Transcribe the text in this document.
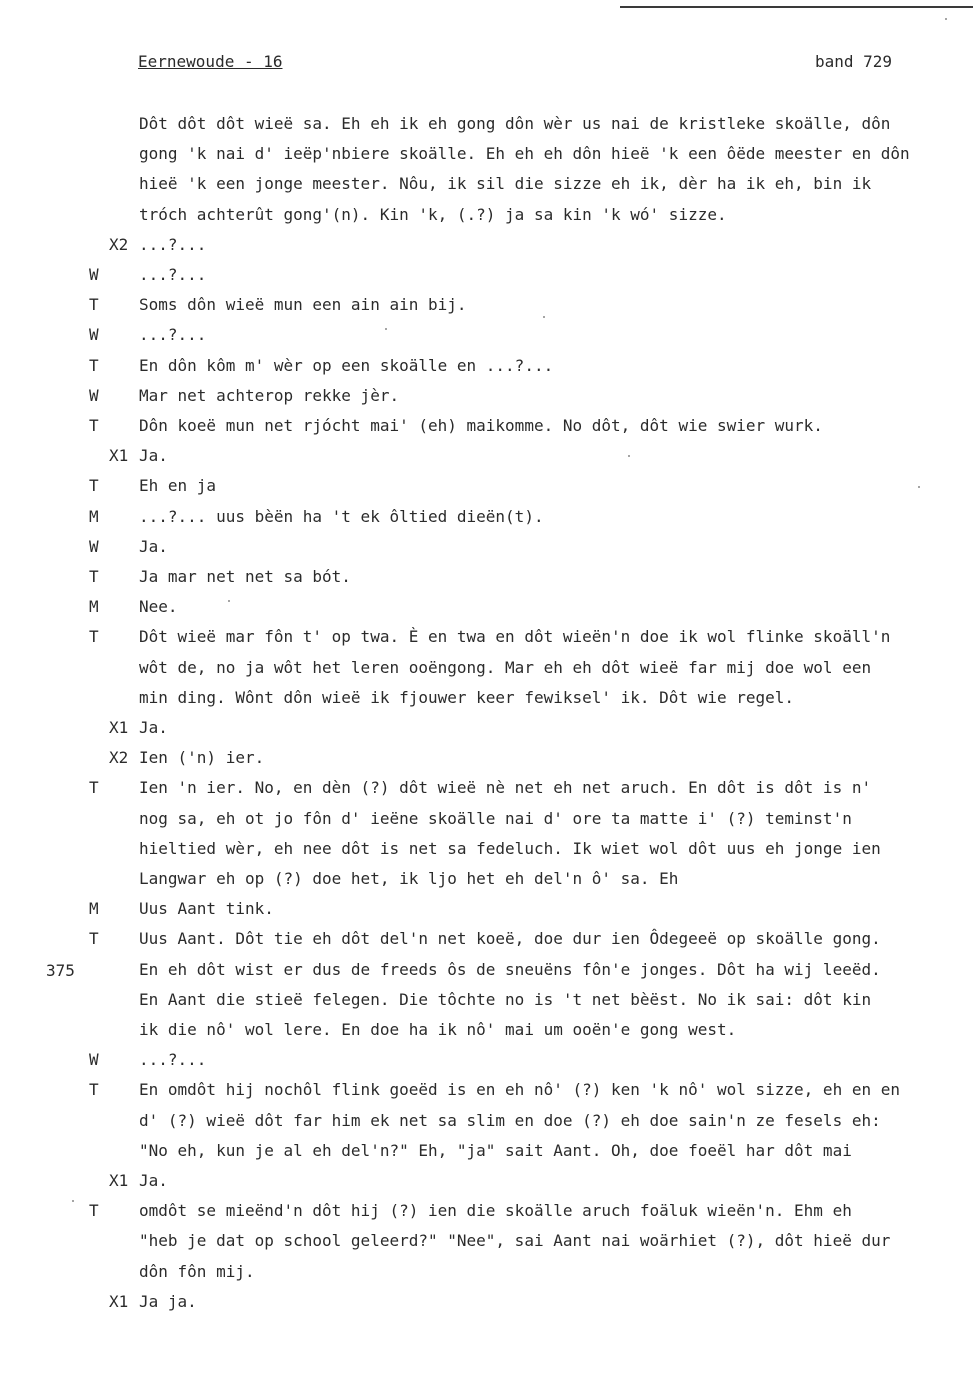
Eernewoude - 16	band 729
375
Dôt dôt dôt wieë sa. Eh eh ik eh gong dôn wèr us nai de kristleke skoälle, dôn
gong 'k nai d' ieëp'nbiere skoälle. Eh eh eh dôn hieë 'k een ôëde meester en dôn
hieë 'k een jonge meester. Nôu, ik sil die sizze eh ik, dèr ha ik eh, bin ik
tróch achterût gong'(n). Kin 'k, (.?) ja sa kin 'k wó' sizze.
X2 ...?...
W	...?...
T	Soms dôn wieë mun een ain ain bij.
W	...?...
T	En dôn kôm m' wèr op een skoälle en ...?...
W	Mar net achterop rekke jèr.
T	Dôn koeë mun net rjócht mai' (eh) maikomme. No dôt, dôt wie swier wurk.
X1 Ja.
T	Eh en ja
M	...?... uus bèën ha 't ek ôltied dieën(t).
W	Ja.
T	Ja mar net net sa bót.
M	Nee.
T	Dôt wieë mar fôn t' op twa. È en twa en dôt wieën'n doe ik wol flinke skoäll'n
wôt de, no ja wôt het leren ooëngong. Mar eh eh dôt wieë far mij doe wol een
min ding. Wônt dôn wieë ik fjouwer keer fewiksel' ik. Dôt wie regel.
X1 Ja.
X2 Ien ('n) ier.
T	Ien 'n ier. No, en dèn (?) dôt wieë nè net eh net aruch. En dôt is dôt is n'
nog sa, eh ot jo fôn d' ieëne skoälle nai d' ore ta matte i' (?) teminst'n
hieltied wèr, eh nee dôt is net sa fedeluch. Ik wiet wol dôt uus eh jonge ien
Langwar eh op (?) doe het, ik ljo het eh del'n ô' sa. Eh
M	Uus Aant tink.
T	Uus Aant. Dôt tie eh dôt del'n net koeë, doe dur ien Ôdegeeë op skoälle gong.
En eh dôt wist er dus de freeds ôs de sneuëns fôn'e jonges. Dôt ha wij leeëd.
En Aant die stieë felegen. Die tôchte no is 't net bèëst. No ik sai: dôt kin
ik die nô' wol lere. En doe ha ik nô' mai um ooën'e gong west.
W	...?...
T	En omdôt hij nochôl flink goeëd is en eh nô' (?) ken 'k nô' wol sizze, eh en en
d' (?) wieë dôt far him ek net sa slim en doe (?) eh doe sain'n ze fesels eh:
"No eh, kun je al eh del'n?" Eh, "ja" sait Aant. Oh, doe foeël har dôt mai
X1 Ja.
T	omdôt se mieënd'n dôt hij (?) ien die skoälle aruch foäluk wieën'n. Ehm eh
"heb je dat op school geleerd?" "Nee", sai Aant nai woärhiet (?), dôt hieë dur
dôn fôn mij.
X1 Ja ja.
